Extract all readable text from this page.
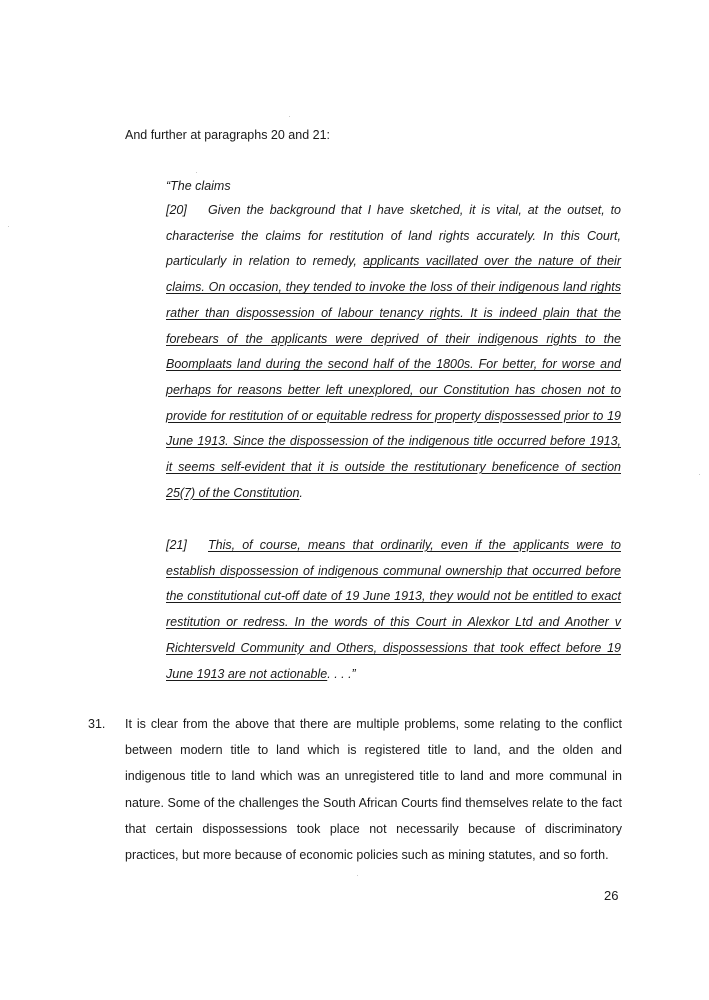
And further at paragraphs 20 and 21:
“The claims
[20] Given the background that I have sketched, it is vital, at the outset, to characterise the claims for restitution of land rights accurately. In this Court, particularly in relation to remedy, applicants vacillated over the nature of their claims. On occasion, they tended to invoke the loss of their indigenous land rights rather than dispossession of labour tenancy rights. It is indeed plain that the forebears of the applicants were deprived of their indigenous rights to the Boomplaats land during the second half of the 1800s. For better, for worse and perhaps for reasons better left unexplored, our Constitution has chosen not to provide for restitution of or equitable redress for property dispossessed prior to 19 June 1913. Since the dispossession of the indigenous title occurred before 1913, it seems self-evident that it is outside the restitutionary beneficence of section 25(7) of the Constitution.
[21] This, of course, means that ordinarily, even if the applicants were to establish dispossession of indigenous communal ownership that occurred before the constitutional cut-off date of 19 June 1913, they would not be entitled to exact restitution or redress. In the words of this Court in Alexkor Ltd and Another v Richtersveld Community and Others, dispossessions that took effect before 19 June 1913 are not actionable. . . .”
31. It is clear from the above that there are multiple problems, some relating to the conflict between modern title to land which is registered title to land, and the olden and indigenous title to land which was an unregistered title to land and more communal in nature. Some of the challenges the South African Courts find themselves relate to the fact that certain dispossessions took place not necessarily because of discriminatory practices, but more because of economic policies such as mining statutes, and so forth.
26
